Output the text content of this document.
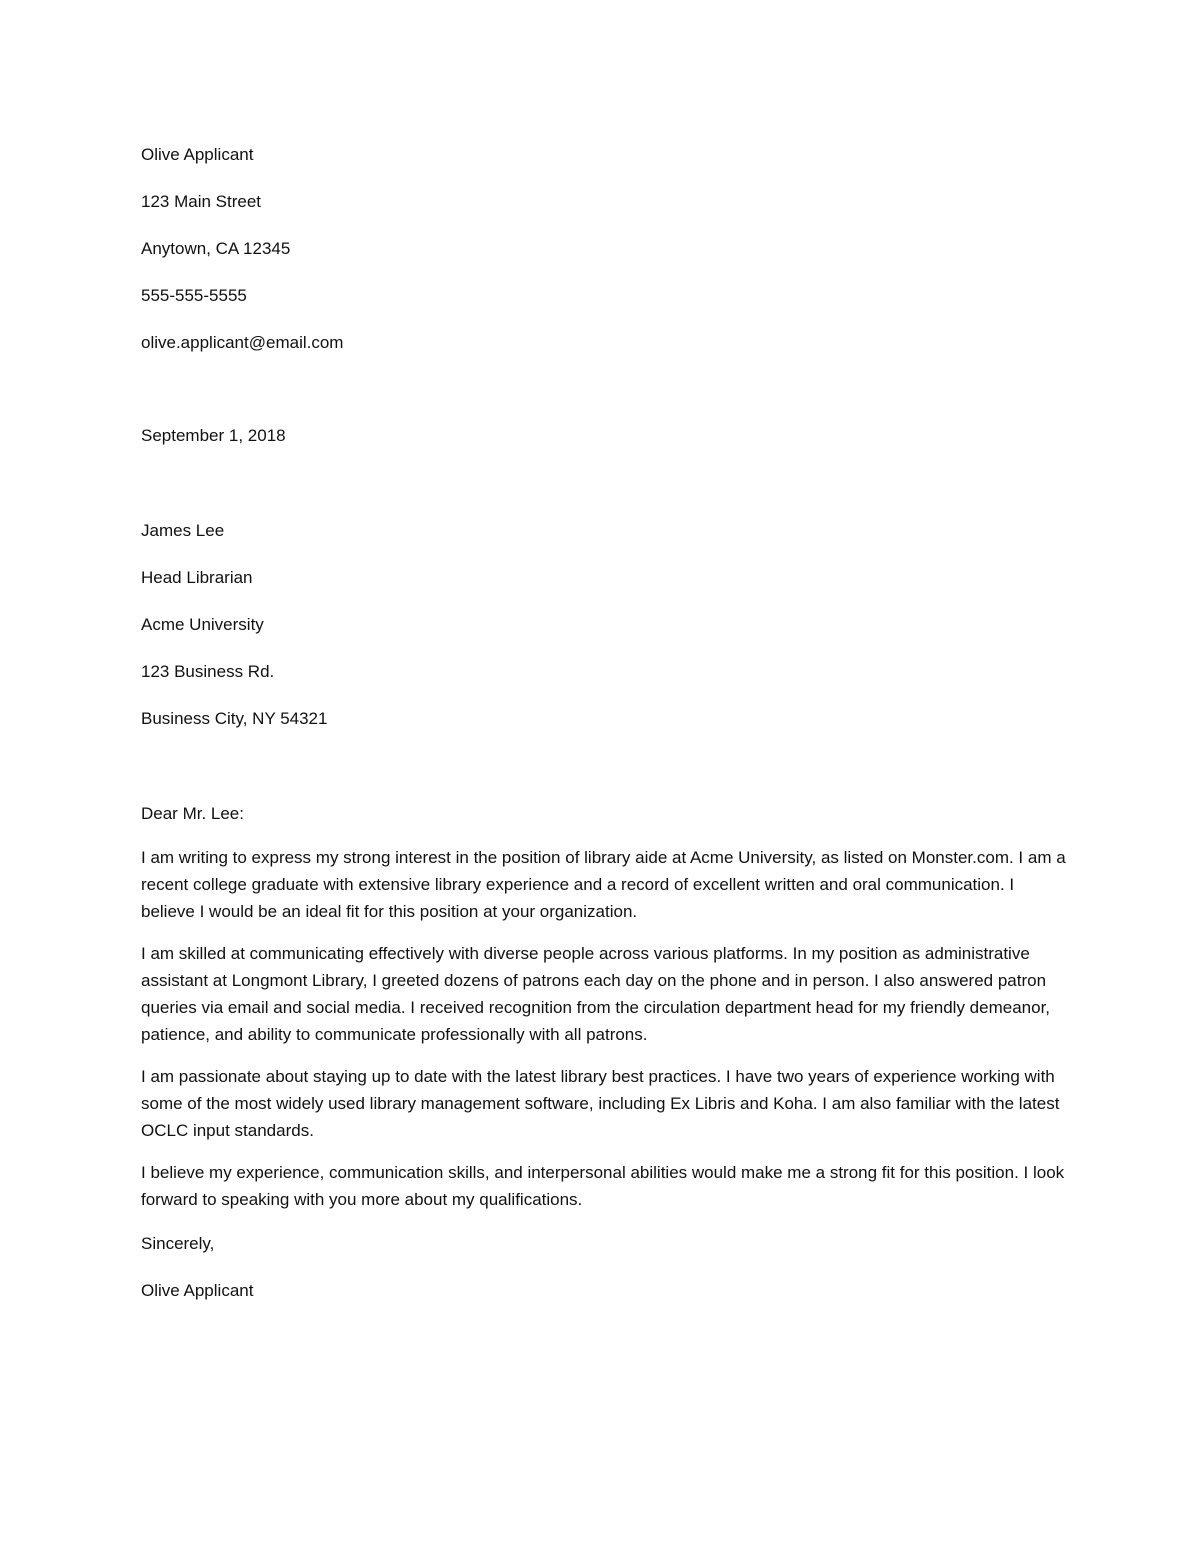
Olive Applicant

123 Main Street

Anytown, CA 12345

555-555-5555

olive.applicant@email.com

September 1, 2018

James Lee

Head Librarian

Acme University

123 Business Rd.

Business City, NY 54321

Dear Mr. Lee:

I am writing to express my strong interest in the position of library aide at Acme University, as listed on Monster.com. I am a recent college graduate with extensive library experience and a record of excellent written and oral communication. I believe I would be an ideal fit for this position at your organization.

I am skilled at communicating effectively with diverse people across various platforms. In my position as administrative assistant at Longmont Library, I greeted dozens of patrons each day on the phone and in person. I also answered patron queries via email and social media. I received recognition from the circulation department head for my friendly demeanor, patience, and ability to communicate professionally with all patrons.

I am passionate about staying up to date with the latest library best practices. I have two years of experience working with some of the most widely used library management software, including Ex Libris and Koha. I am also familiar with the latest OCLC input standards.

I believe my experience, communication skills, and interpersonal abilities would make me a strong fit for this position. I look forward to speaking with you more about my qualifications.

Sincerely,

Olive Applicant
